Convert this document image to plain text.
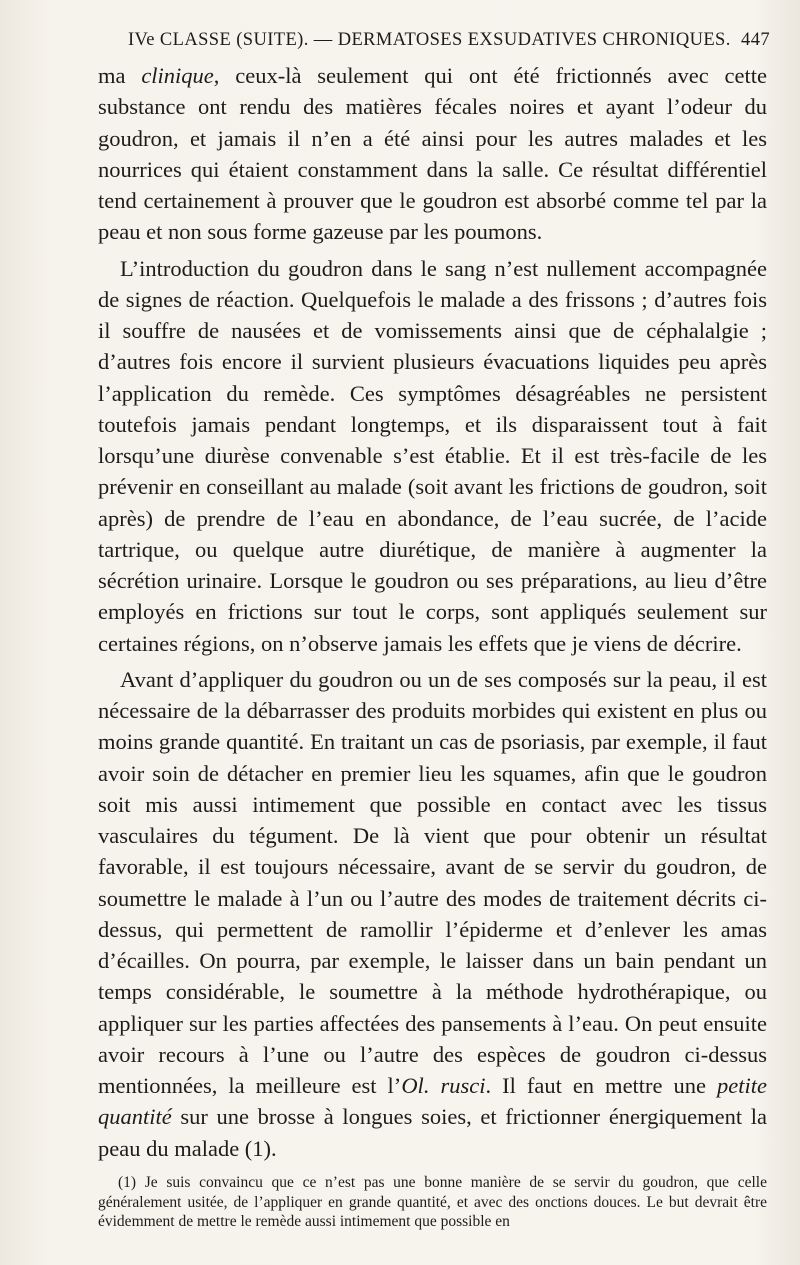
IVe CLASSE (SUITE). — DERMATOSES EXSUDATIVES CHRONIQUES. 447

ma clinique, ceux-là seulement qui ont été frictionnés avec cette substance ont rendu des matières fécales noires et ayant l’odeur du goudron, et jamais il n’en a été ainsi pour les autres malades et les nourrices qui étaient constamment dans la salle. Ce résultat différentiel tend certainement à prouver que le goudron est absorbé comme tel par la peau et non sous forme gazeuse par les poumons.

L’introduction du goudron dans le sang n’est nullement accompagnée de signes de réaction. Quelquefois le malade a des frissons ; d’autres fois il souffre de nausées et de vomissements ainsi que de céphalalgie ; d’autres fois encore il survient plusieurs évacuations liquides peu après l’application du remède. Ces symptômes désagréables ne persistent toutefois jamais pendant longtemps, et ils disparaissent tout à fait lorsqu’une diurèse convenable s’est établie. Et il est très-facile de les prévenir en conseillant au malade (soit avant les frictions de goudron, soit après) de prendre de l’eau en abondance, de l’eau sucrée, de l’acide tartrique, ou quelque autre diurétique, de manière à augmenter la sécrétion urinaire. Lorsque le goudron ou ses préparations, au lieu d’être employés en frictions sur tout le corps, sont appliqués seulement sur certaines régions, on n’observe jamais les effets que je viens de décrire.

Avant d’appliquer du goudron ou un de ses composés sur la peau, il est nécessaire de la débarrasser des produits morbides qui existent en plus ou moins grande quantité. En traitant un cas de psoriasis, par exemple, il faut avoir soin de détacher en premier lieu les squames, afin que le goudron soit mis aussi intimement que possible en contact avec les tissus vasculaires du tégument. De là vient que pour obtenir un résultat favorable, il est toujours nécessaire, avant de se servir du goudron, de soumettre le malade à l’un ou l’autre des modes de traitement décrits ci-dessus, qui permettent de ramollir l’épiderme et d’enlever les amas d’écailles. On pourra, par exemple, le laisser dans un bain pendant un temps considérable, le soumettre à la méthode hydrothérapique, ou appliquer sur les parties affectées des pansements à l’eau. On peut ensuite avoir recours à l’une ou l’autre des espèces de goudron ci-dessus mentionnées, la meilleure est l’Ol. rusci. Il faut en mettre une petite quantité sur une brosse à longues soies, et frictionner énergiquement la peau du malade (1).

(1) Je suis convaincu que ce n’est pas une bonne manière de se servir du goudron, que celle généralement usitée, de l’appliquer en grande quantité, et avec des onctions douces. Le but devrait être évidemment de mettre le remède aussi intimement que possible en
